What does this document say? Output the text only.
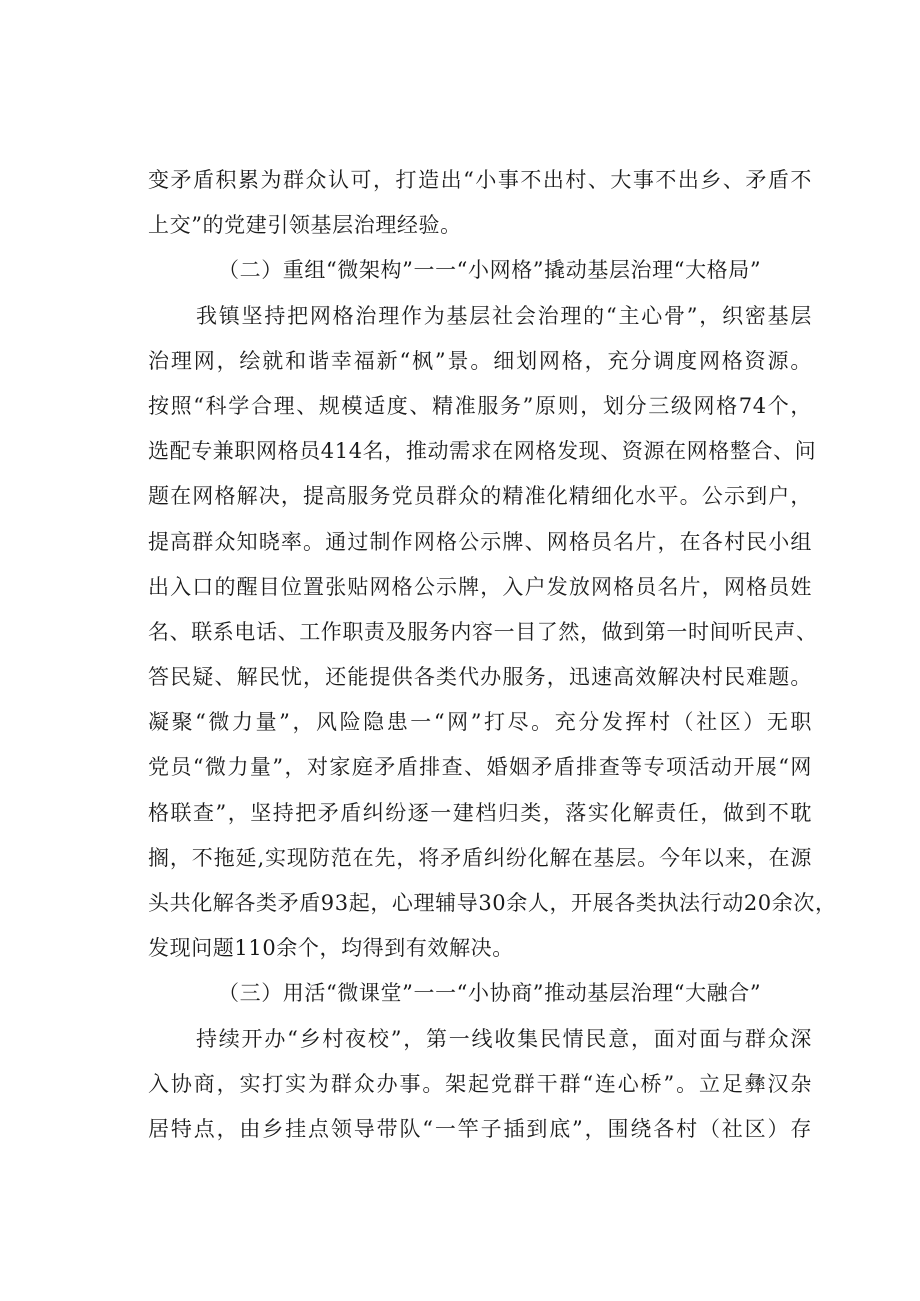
变矛盾积累为群众认可，打造出“小事不出村、大事不出乡、矛盾不
上交”的党建引领基层治理经验。
（二）重组“微架构”一一“小网格”撬动基层治理“大格局”
我镇坚持把网格治理作为基层社会治理的“主心骨”，织密基层
治理网，绘就和谐幸福新“枫”景。细划网格，充分调度网格资源。
按照“科学合理、规模适度、精准服务”原则，划分三级网格74个，
选配专兼职网格员414名，推动需求在网格发现、资源在网格整合、问
题在网格解决，提高服务党员群众的精准化精细化水平。公示到户，
提高群众知晓率。通过制作网格公示牌、网格员名片，在各村民小组
出入口的醒目位置张贴网格公示牌，入户发放网格员名片，网格员姓
名、联系电话、工作职责及服务内容一目了然，做到第一时间听民声、
答民疑、解民忧，还能提供各类代办服务，迅速高效解决村民难题。
凝聚“微力量”，风险隐患一“网”打尽。充分发挥村（社区）无职
党员“微力量”，对家庭矛盾排查、婚姻矛盾排查等专项活动开展“网
格联查”，坚持把矛盾纠纷逐一建档归类，落实化解责任，做到不耽
搁，不拖延,实现防范在先，将矛盾纠纷化解在基层。今年以来，在源
头共化解各类矛盾93起，心理辅导30余人，开展各类执法行动20余次，
发现问题110余个，均得到有效解决。
（三）用活“微课堂”一一“小协商”推动基层治理“大融合”
持续开办“乡村夜校”，第一线收集民情民意，面对面与群众深
入协商，实打实为群众办事。架起党群干群“连心桥”。立足彝汉杂
居特点，由乡挂点领导带队“一竿子插到底”，围绕各村（社区）存
